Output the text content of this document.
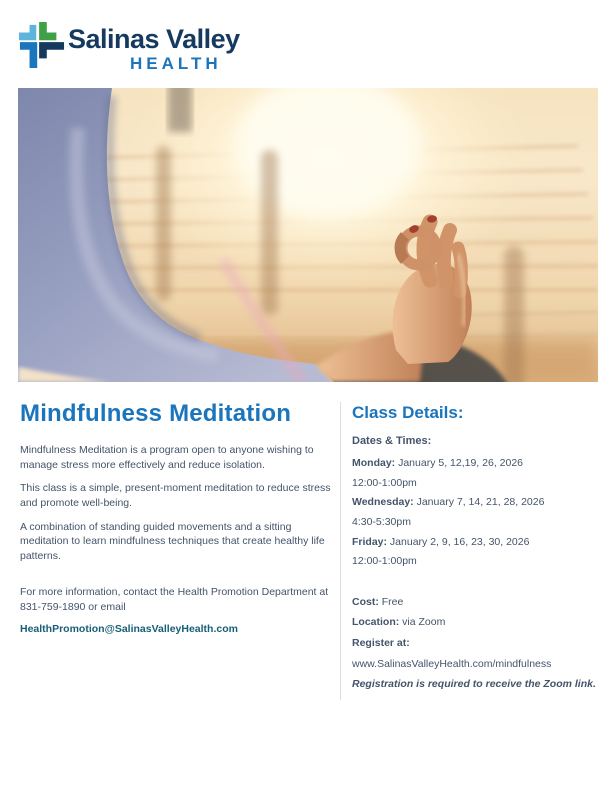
Salinas Valley
HEALTH
Mindfulness Meditation

Mindfulness Meditation is a program open to anyone wishing to manage stress more effectively and reduce isolation.

This class is a simple, present-moment meditation to reduce stress and promote well-being.

A combination of standing guided movements and a sitting meditation to learn mindfulness techniques that create healthy life patterns.

For more information, contact the Health Promotion Department at 831-759-1890 or email

HealthPromotion@SalinasValleyHealth.com
Class Details:
Dates & Times:
Monday: January 5, 12,19, 26, 2026
12:00-1:00pm
Wednesday: January 7, 14, 21, 28, 2026
4:30-5:30pm
Friday: January 2, 9, 16, 23, 30, 2026
12:00-1:00pm
Cost: Free
Location: via Zoom
Register at:
www.SalinasValleyHealth.com/mindfulness
Registration is required to receive the Zoom link.
